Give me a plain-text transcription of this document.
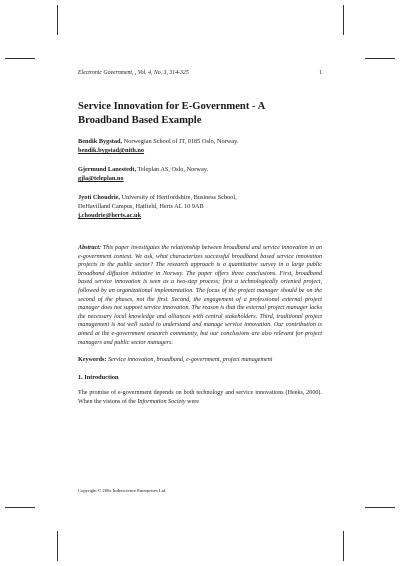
Electronic Government, , Vol. 4, No. 3, 314-325	1
Service Innovation for E-Government - A
Broadband Based Example
Bendik Bygstad, Norwegian School of IT, 0185 Oslo, Norway.
bendik.bygstad@nith.no
Gjermund Lanestedt, Teleplan AS, Oslo, Norway.
gjla@teleplan.no
Jyoti Choudrie, University of Hertfordshire, Business School,
DeHavilland Campus, Hatfield, Herts AL 10 9AB
j.choudrie@herts.ac.uk
Abstract: This paper investigates the relationship between broadband and service innovation in an e-government context. We ask, what characterizes successful broadband based service innovation projects in the public sector? The research approach is a quantitative survey in a large public broadband diffusion initiative in Norway. The paper offers three conclusions. First, broadband based service innovation is seen as a two-step process; first a technologically oriented project, followed by an organizational implementation. The focus of the project manager should be on the second of the phases, not the first. Second, the engagement of a professional external project manager does not support service innovation. The reason is that the external project manager lacks the necessary local knowledge and alliances with central stakeholders. Third, traditional project management is not well suited to understand and manage service innovation. Our contribution is aimed at the e-government research community, but our conclusions are also relevant for project managers and public sector managers.
Keywords: Service innovation, broadband, e-government, project management
1. Introduction
The promise of e-government depends on both technology and service innovations (Heeks, 2000). When the visions of the Information Society were
Copyright © 200x Inderscience Enterprises Ltd.
